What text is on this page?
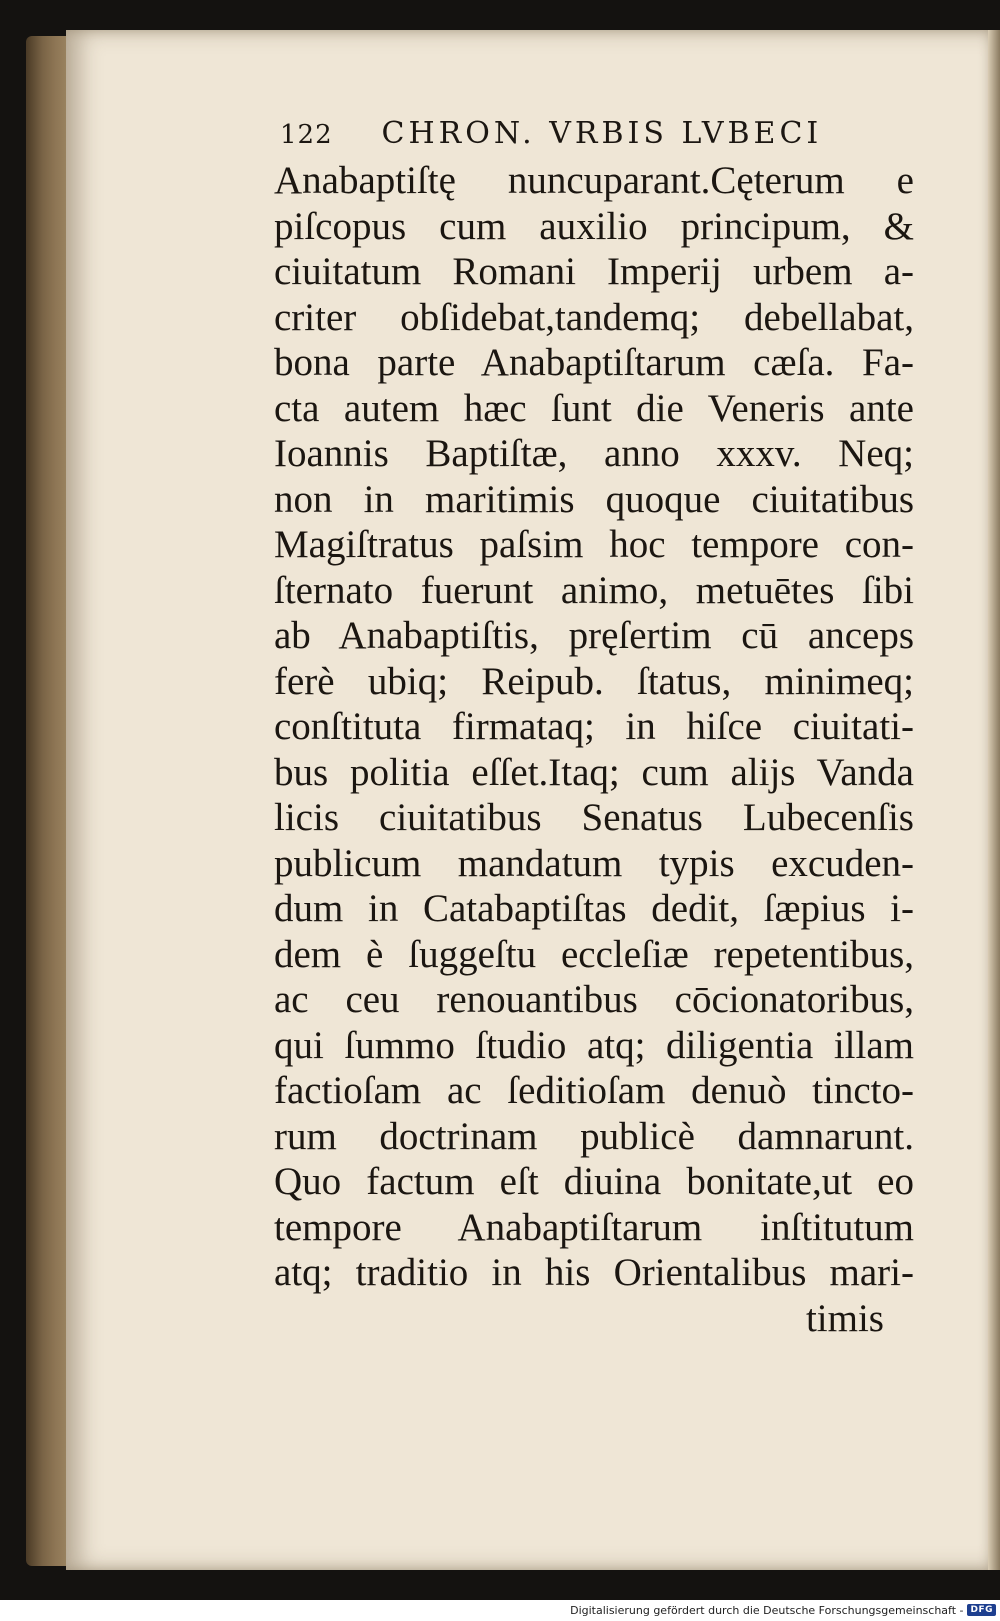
122 CHRON. VRBIS LVBECI
Anabaptiſtę nuncuparant.Cęterum e
piſcopus cum auxilio principum, &
ciuitatum Romani Imperij urbem a-
criter obſidebat,tandemq; debellabat,
bona parte Anabaptiſtarum cæſa. Fa-
cta autem hæc ſunt die Veneris ante
Ioannis Baptiſtæ, anno xxxv. Neq;
non in maritimis quoque ciuitatibus
Magiſtratus paſsim hoc tempore con-
ſternato fuerunt animo, metuētes ſibi
ab Anabaptiſtis, pręſertim cū anceps
ferè ubiq; Reipub. ſtatus, minimeq;
conſtituta firmataq; in hiſce ciuitati-
bus politia eſſet.Itaq; cum alijs Vanda
licis ciuitatibus Senatus Lubecenſis
publicum mandatum typis excuden-
dum in Catabaptiſtas dedit, ſæpius i-
dem è ſuggeſtu eccleſiæ repetentibus,
ac ceu renouantibus cōcionatoribus,
qui ſummo ſtudio atq; diligentia illam
factioſam ac ſeditioſam denuò tincto-
rum doctrinam publicè damnarunt.
Quo factum eſt diuina bonitate,ut eo
tempore Anabaptiſtarum inſtitutum
atq; traditio in his Orientalibus mari-
timis
Digitalisierung gefördert durch die Deutsche Forschungsgemeinschaft - DFG
